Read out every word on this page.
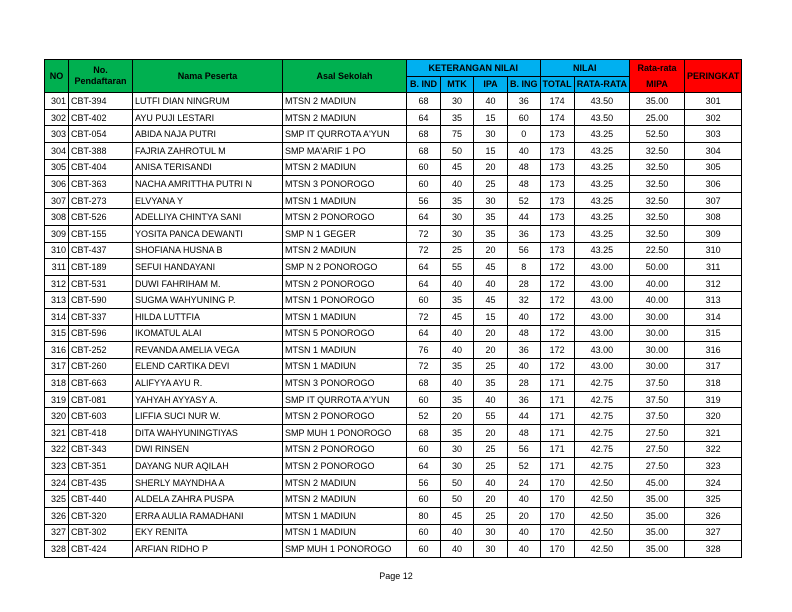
NO	No. Pendaftaran	Nama Peserta	Asal Sekolah	KETERANGAN NILAI				NILAI		Rata-rata	PERINGKAT
				B. IND	MTK	IPA	B. ING	TOTAL	RATA-RATA	MIPA	
301	CBT-394	LUTFI DIAN NINGRUM	MTSN 2 MADIUN	68	30	40	36	174	43.50	35.00	301
302	CBT-402	AYU PUJI LESTARI	MTSN 2 MADIUN	64	35	15	60	174	43.50	25.00	302
303	CBT-054	ABIDA NAJA PUTRI	SMP IT QURROTA A'YUN	68	75	30	0	173	43.25	52.50	303
304	CBT-388	FAJRIA ZAHROTUL M	SMP MA'ARIF 1 PO	68	50	15	40	173	43.25	32.50	304
305	CBT-404	ANISA TERISANDI	MTSN 2 MADIUN	60	45	20	48	173	43.25	32.50	305
306	CBT-363	NACHA AMRITTHA PUTRI N	MTSN 3 PONOROGO	60	40	25	48	173	43.25	32.50	306
307	CBT-273	ELVYANA Y	MTSN 1 MADIUN	56	35	30	52	173	43.25	32.50	307
308	CBT-526	ADELLIYA CHINTYA SANI	MTSN 2 PONOROGO	64	30	35	44	173	43.25	32.50	308
309	CBT-155	YOSITA PANCA DEWANTI	SMP N 1 GEGER	72	30	35	36	173	43.25	32.50	309
310	CBT-437	SHOFIANA HUSNA B	MTSN 2 MADIUN	72	25	20	56	173	43.25	22.50	310
311	CBT-189	SEFUI HANDAYANI	SMP N 2 PONOROGO	64	55	45	8	172	43.00	50.00	311
312	CBT-531	DUWI FAHRIHAM M.	MTSN 2 PONOROGO	64	40	40	28	172	43.00	40.00	312
313	CBT-590	SUGMA WAHYUNING P.	MTSN 1 PONOROGO	60	35	45	32	172	43.00	40.00	313
314	CBT-337	HILDA LUTTFIA	MTSN 1 MADIUN	72	45	15	40	172	43.00	30.00	314
315	CBT-596	IKOMATUL ALAI	MTSN 5 PONOROGO	64	40	20	48	172	43.00	30.00	315
316	CBT-252	REVANDA AMELIA VEGA	MTSN 1 MADIUN	76	40	20	36	172	43.00	30.00	316
317	CBT-260	ELEND CARTIKA DEVI	MTSN 1 MADIUN	72	35	25	40	172	43.00	30.00	317
318	CBT-663	ALIFYYA AYU R.	MTSN 3 PONOROGO	68	40	35	28	171	42.75	37.50	318
319	CBT-081	YAHYAH AYYASY A.	SMP IT QURROTA A'YUN	60	35	40	36	171	42.75	37.50	319
320	CBT-603	LIFFIA SUCI NUR W.	MTSN 2 PONOROGO	52	20	55	44	171	42.75	37.50	320
321	CBT-418	DITA WAHYUNINGTIYAS	SMP MUH 1 PONOROGO	68	35	20	48	171	42.75	27.50	321
322	CBT-343	DWI RINSEN	MTSN 2 PONOROGO	60	30	25	56	171	42.75	27.50	322
323	CBT-351	DAYANG NUR AQILAH	MTSN 2 PONOROGO	64	30	25	52	171	42.75	27.50	323
324	CBT-435	SHERLY MAYNDHA A	MTSN 2 MADIUN	56	50	40	24	170	42.50	45.00	324
325	CBT-440	ALDELA ZAHRA PUSPA	MTSN 2 MADIUN	60	50	20	40	170	42.50	35.00	325
326	CBT-320	ERRA AULIA RAMADHANI	MTSN 1 MADIUN	80	45	25	20	170	42.50	35.00	326
327	CBT-302	EKY RENITA	MTSN 1 MADIUN	60	40	30	40	170	42.50	35.00	327
328	CBT-424	ARFIAN RIDHO P	SMP MUH 1 PONOROGO	60	40	30	40	170	42.50	35.00	328
Page 12
